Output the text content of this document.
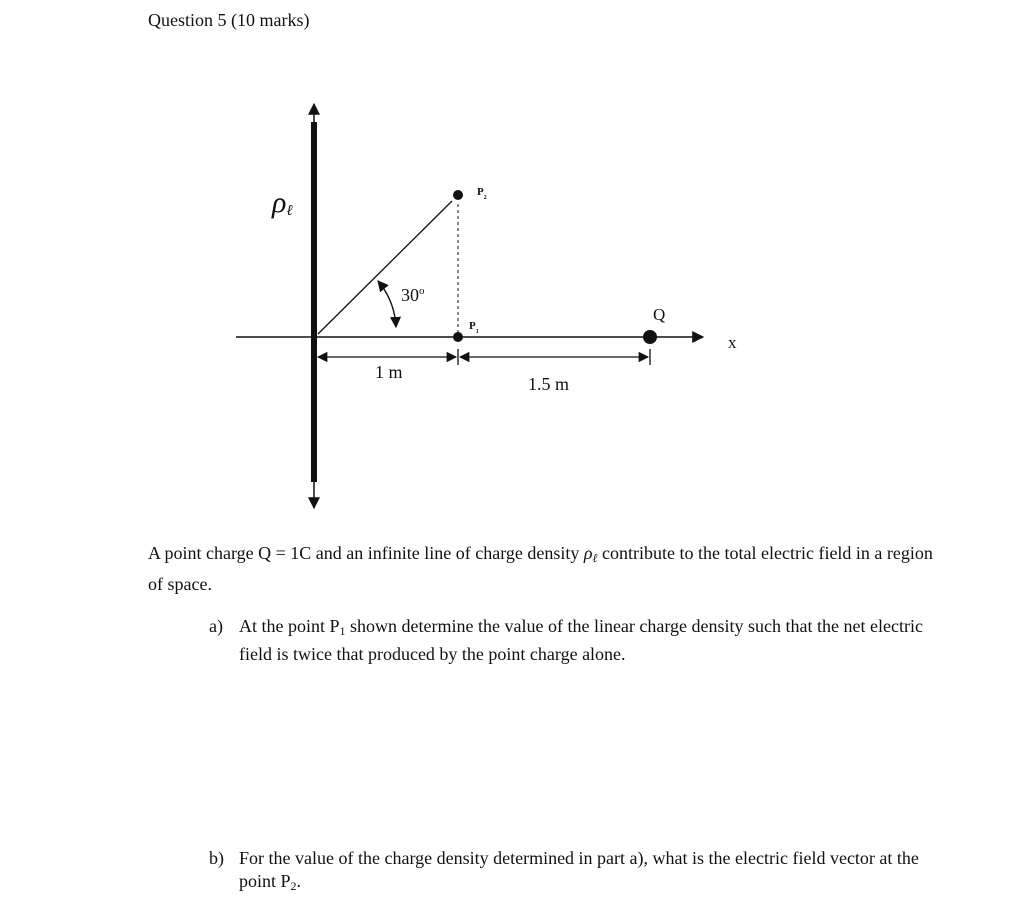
Question 5 (10 marks)
x
ρℓ
30$^o$
$P_2$
$P_1$
Q
1 m
1.5 m
A point charge Q = 1C and an infinite line of charge density $\rho_\ell$ contribute to the total electric field in a region of space.
a) At the point $P_1$ shown determine the value of the linear charge density such that the net electric field is twice that produced by the point charge alone.
b) For the value of the charge density determined in part a), what is the electric field vector at the point $P_2$.
